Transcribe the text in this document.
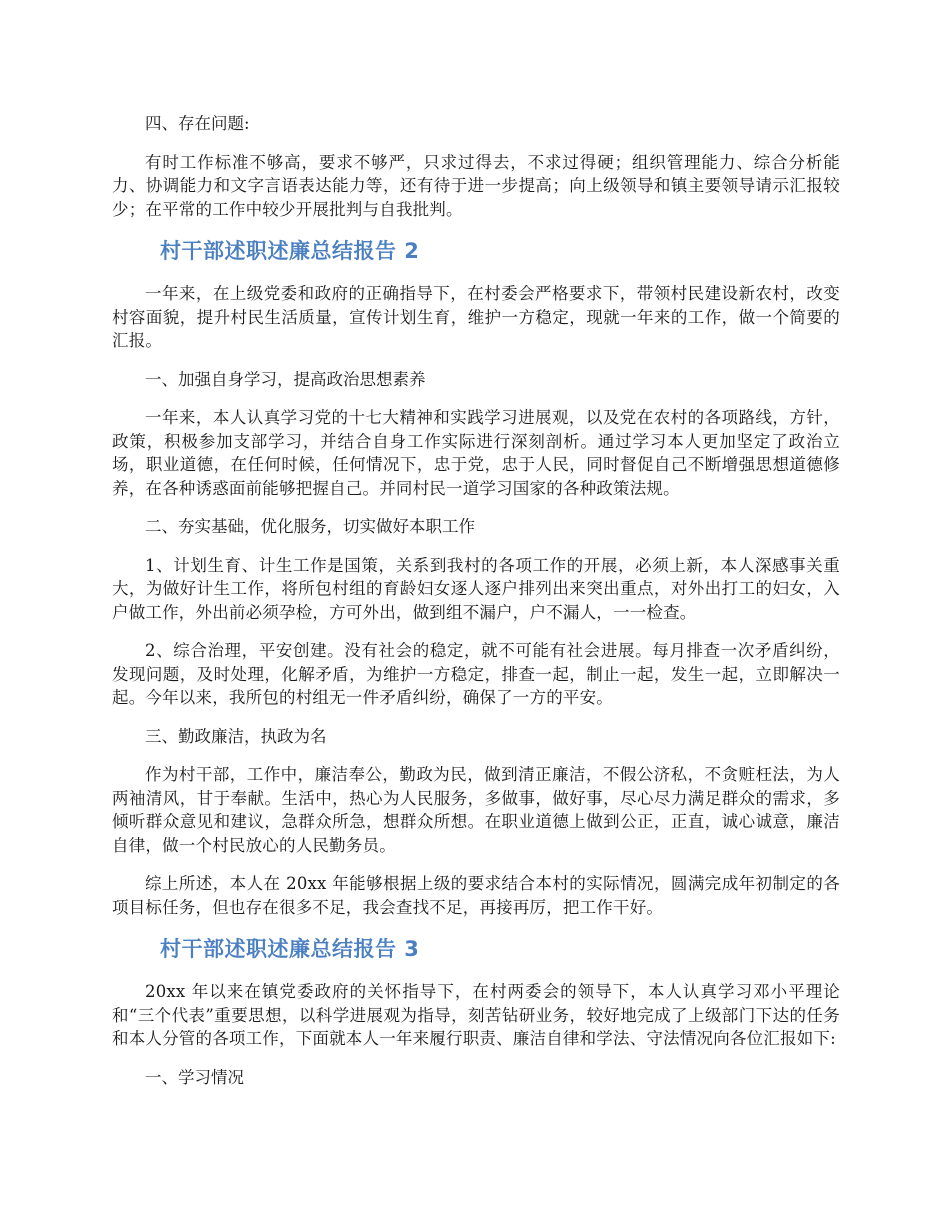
四、存在问题:

有时工作标准不够高，要求不够严，只求过得去，不求过得硬；组织管理能力、综合分析能力、协调能力和文字言语表达能力等，还有待于进一步提高；向上级领导和镇主要领导请示汇报较少；在平常的工作中较少开展批判与自我批判。

村干部述职述廉总结报告 2

一年来，在上级党委和政府的正确指导下，在村委会严格要求下，带领村民建设新农村，改变村容面貌，提升村民生活质量，宣传计划生育，维护一方稳定，现就一年来的工作，做一个简要的汇报。

一、加强自身学习，提高政治思想素养

一年来，本人认真学习党的十七大精神和实践学习进展观，以及党在农村的各项路线，方针，政策，积极参加支部学习，并结合自身工作实际进行深刻剖析。通过学习本人更加坚定了政治立场，职业道德，在任何时候，任何情况下，忠于党，忠于人民，同时督促自己不断增强思想道德修养，在各种诱惑面前能够把握自己。并同村民一道学习国家的各种政策法规。

二、夯实基础，优化服务，切实做好本职工作

1、计划生育、计生工作是国策，关系到我村的各项工作的开展，必须上新，本人深感事关重大，为做好计生工作，将所包村组的育龄妇女逐人逐户排列出来突出重点，对外出打工的妇女，入户做工作，外出前必须孕检，方可外出，做到组不漏户，户不漏人，一一检查。

2、综合治理，平安创建。没有社会的稳定，就不可能有社会进展。每月排查一次矛盾纠纷，发现问题，及时处理，化解矛盾，为维护一方稳定，排查一起，制止一起，发生一起，立即解决一起。今年以来，我所包的村组无一件矛盾纠纷，确保了一方的平安。

三、勤政廉洁，执政为名

作为村干部，工作中，廉洁奉公，勤政为民，做到清正廉洁，不假公济私，不贪赃枉法，为人两袖清风，甘于奉献。生活中，热心为人民服务，多做事，做好事，尽心尽力满足群众的需求，多倾听群众意见和建议，急群众所急，想群众所想。在职业道德上做到公正，正直，诚心诚意，廉洁自律，做一个村民放心的人民勤务员。

综上所述，本人在 20xx 年能够根据上级的要求结合本村的实际情况，圆满完成年初制定的各项目标任务，但也存在很多不足，我会查找不足，再接再厉，把工作干好。

村干部述职述廉总结报告 3

20xx 年以来在镇党委政府的关怀指导下，在村两委会的领导下，本人认真学习邓小平理论和“三个代表”重要思想，以科学进展观为指导，刻苦钻研业务，较好地完成了上级部门下达的任务和本人分管的各项工作，下面就本人一年来履行职责、廉洁自律和学法、守法情况向各位汇报如下:

一、学习情况
